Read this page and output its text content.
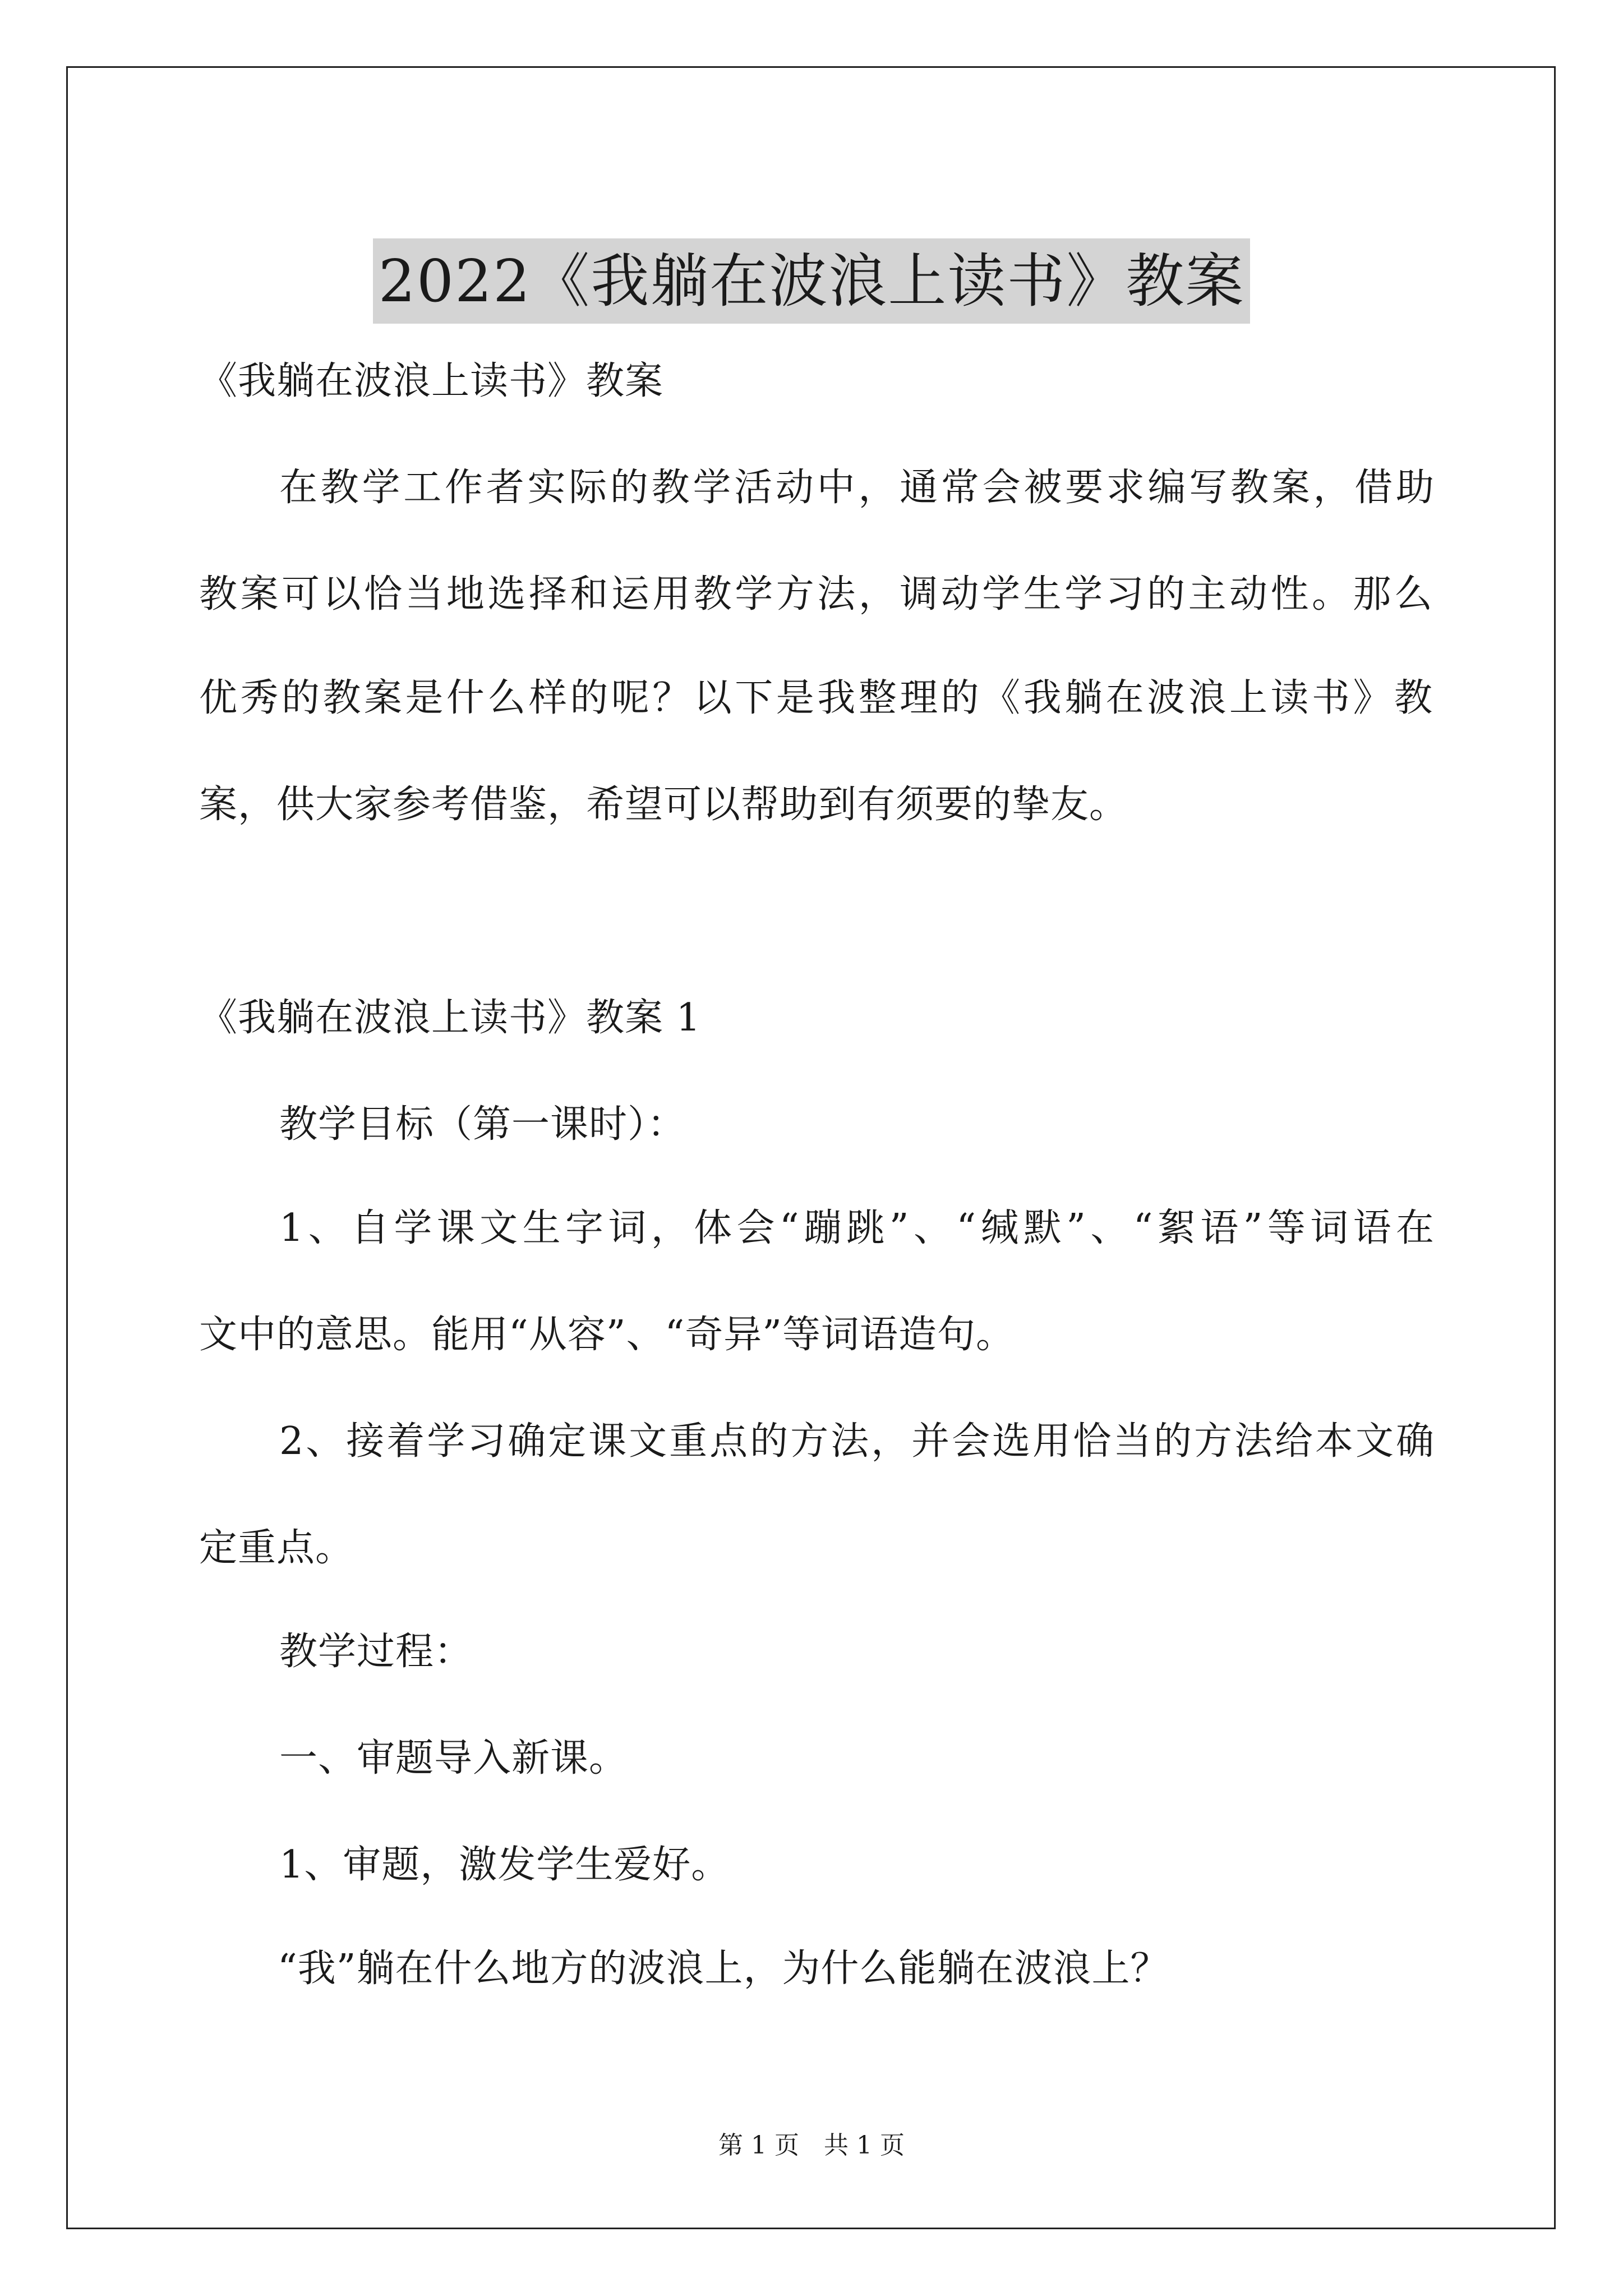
2022《我躺在波浪上读书》教案
《我躺在波浪上读书》教案
在教学工作者实际的教学活动中，通常会被要求编写教案，借助
教案可以恰当地选择和运用教学方法，调动学生学习的主动性。那么
优秀的教案是什么样的呢？以下是我整理的《我躺在波浪上读书》教
案，供大家参考借鉴，希望可以帮助到有须要的挚友。
《我躺在波浪上读书》教案 1
教学目标（第一课时）：
1、自学课文生字词，体会“蹦跳”、“缄默”、“絮语”等词语在
文中的意思。能用“从容”、“奇异”等词语造句。
2、接着学习确定课文重点的方法，并会选用恰当的方法给本文确
定重点。
教学过程：
一、审题导入新课。
1、审题，激发学生爱好。
“我”躺在什么地方的波浪上，为什么能躺在波浪上？
第 1 页　共 1 页
